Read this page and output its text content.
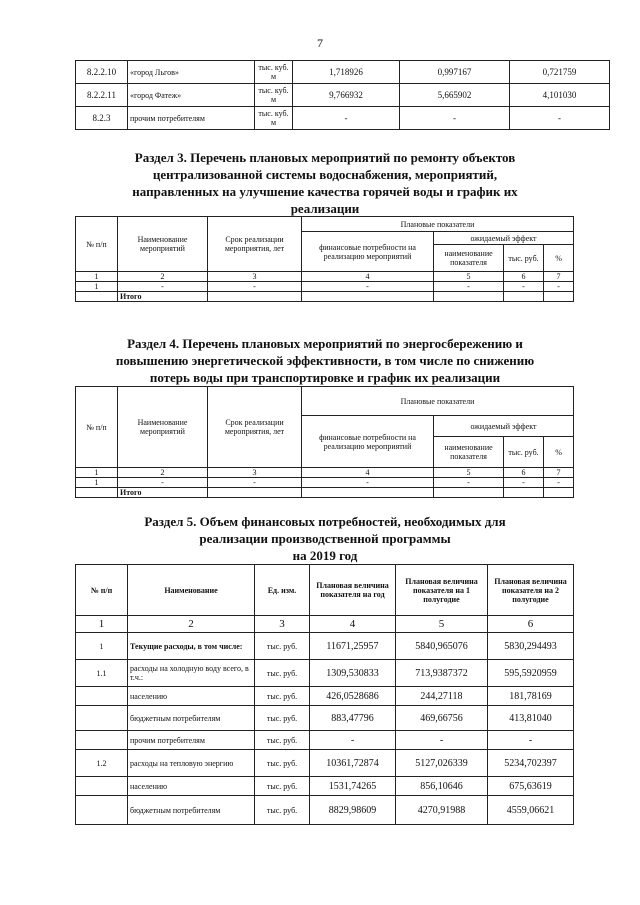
7
8.2.2.10	«город Льгов»	тыс. куб. м	1,718926	0,997167	0,721759
8.2.2.11	«город Фатеж»	тыс. куб. м	9,766932	5,665902	4,101030
8.2.3	прочим потребителям	тыс. куб. м	-	-	-
Раздел 3. Перечень плановых мероприятий по ремонту объектов
централизованной системы водоснабжения, мероприятий,
направленных на улучшение качества горячей воды и график их
реализации
№ п/п	Наименование мероприятий	Срок реализации мероприятия, лет	Плановые показатели			
			финансовые потребности на реализацию мероприятий	ожидаемый эффект		
				наименование показателя	тыс. руб.	%
1	2	3	4	5	6	7
1	-	-	-	-	-	-
	Итого					
Раздел 4. Перечень плановых мероприятий по энергосбережению и
повышению энергетической эффективности, в том числе по снижению
потерь воды при транспортировке и график их реализации
№ п/п	Наименование мероприятий	Срок реализации мероприятия, лет	Плановые показатели			
			финансовые потребности на реализацию мероприятий	ожидаемый эффект		
				наименование показателя	тыс. руб.	%
1	2	3	4	5	6	7
1	-	-	-	-	-	-
	Итого					
Раздел 5. Объем финансовых потребностей, необходимых для
реализации производственной программы
на 2019 год
№ п/п	Наименование	Ед. изм.	Плановая величина показателя на год	Плановая величина показателя на 1 полугодие	Плановая величина показателя на 2 полугодие
1	2	3	4	5	6
1	Текущие расходы, в том числе:	тыс. руб.	11671,25957	5840,965076	5830,294493
1.1	расходы на холодную воду всего, в т.ч.:	тыс. руб.	1309,530833	713,9387372	595,5920959
	населению	тыс. руб.	426,0528686	244,27118	181,78169
	бюджетным потребителям	тыс. руб.	883,47796	469,66756	413,81040
	прочим потребителям	тыс. руб.	-	-	-
1.2	расходы на тепловую энергию	тыс. руб.	10361,72874	5127,026339	5234,702397
	населению	тыс. руб.	1531,74265	856,10646	675,63619
	бюджетным потребителям	тыс. руб.	8829,98609	4270,91988	4559,06621
